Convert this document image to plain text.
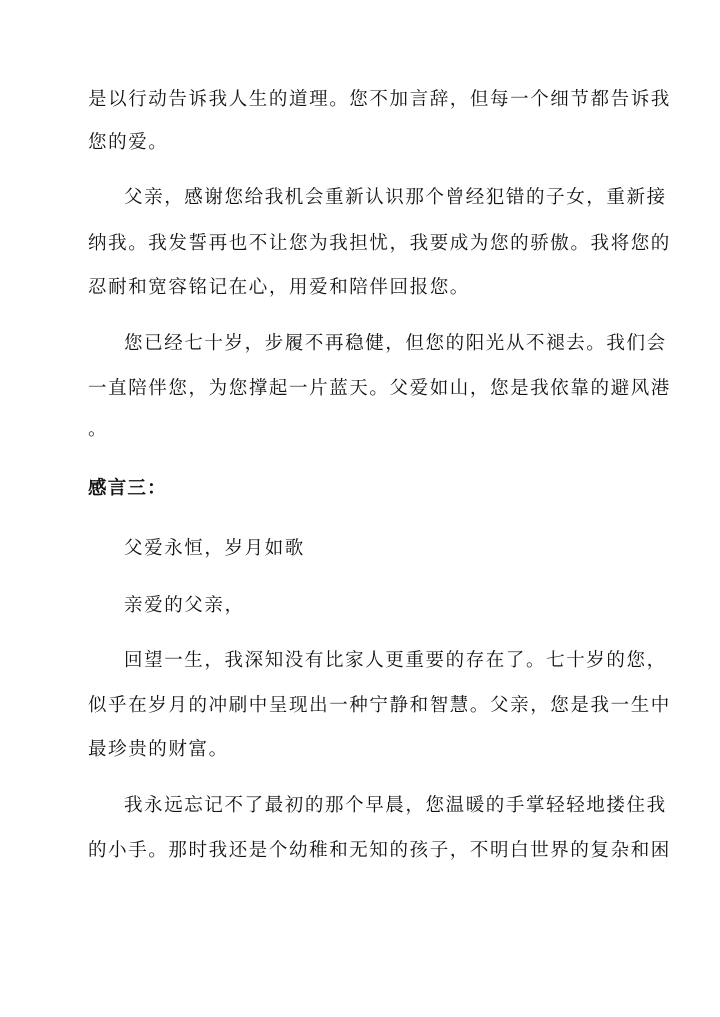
是以行动告诉我人生的道理。您不加言辞，但每一个细节都告诉我
您的爱。
父亲，感谢您给我机会重新认识那个曾经犯错的子女，重新接
纳我。我发誓再也不让您为我担忧，我要成为您的骄傲。我将您的
忍耐和宽容铭记在心，用爱和陪伴回报您。
您已经七十岁，步履不再稳健，但您的阳光从不褪去。我们会
一直陪伴您，为您撑起一片蓝天。父爱如山，您是我依靠的避风港
。
感言三：
父爱永恒，岁月如歌
亲爱的父亲，
回望一生，我深知没有比家人更重要的存在了。七十岁的您，
似乎在岁月的冲刷中呈现出一种宁静和智慧。父亲，您是我一生中
最珍贵的财富。
我永远忘记不了最初的那个早晨，您温暖的手掌轻轻地搂住我
的小手。那时我还是个幼稚和无知的孩子，不明白世界的复杂和困
